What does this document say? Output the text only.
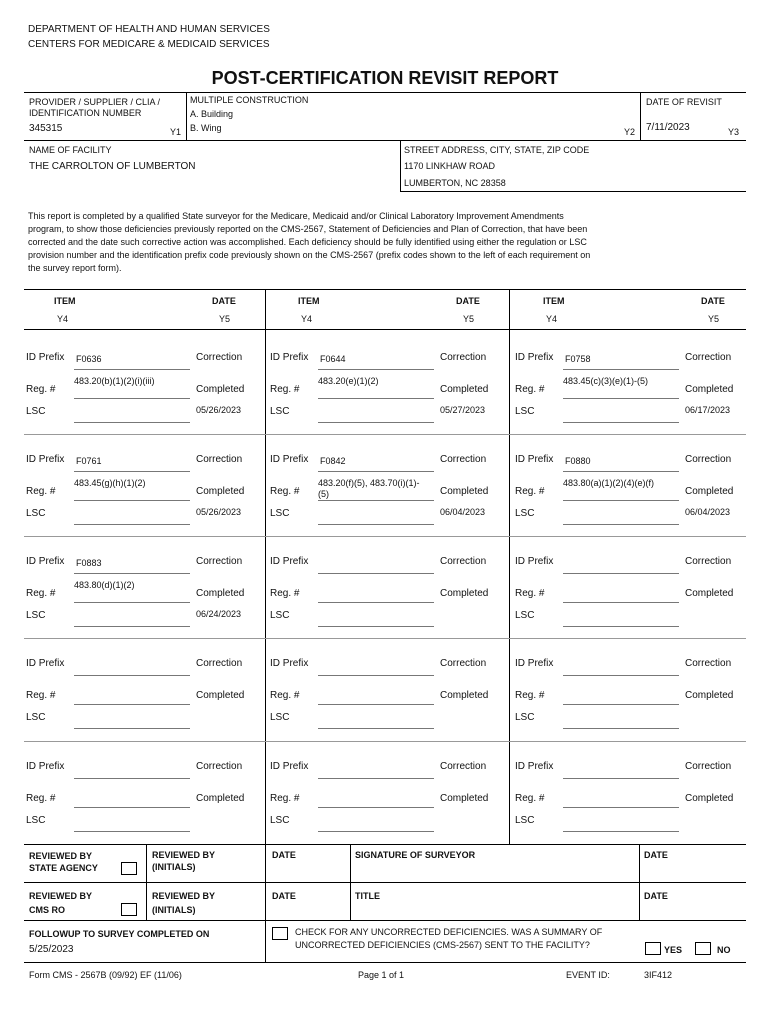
DEPARTMENT OF HEALTH AND HUMAN SERVICES
CENTERS FOR MEDICARE & MEDICAID SERVICES
POST-CERTIFICATION REVISIT REPORT
PROVIDER / SUPPLIER / CLIA /
IDENTIFICATION NUMBER
345315	Y1
MULTIPLE CONSTRUCTION
A. Building
B. Wing	Y2
DATE OF REVISIT
7/11/2023	Y3
NAME OF FACILITY
THE CARROLTON OF LUMBERTON
STREET ADDRESS, CITY, STATE, ZIP CODE
1170 LINKHAW ROAD
LUMBERTON, NC 28358
This report is completed by a qualified State surveyor for the Medicare, Medicaid and/or Clinical Laboratory Improvement Amendments
program, to show those deficiencies previously reported on the CMS-2567, Statement of Deficiencies and Plan of Correction, that have been
corrected and the date such corrective action was accomplished. Each deficiency should be fully identified using either the regulation or LSC
provision number and the identification prefix code previously shown on the CMS-2567 (prefix codes shown to the left of each requirement on
the survey report form).
ITEM	DATE
Y4	Y5
ITEM	DATE
Y4	Y5
ITEM	DATE
Y4	Y5
ID Prefix F0636	Correction
Reg. #
483.20(b)(1)(2)(i)(iii)
Completed
LSC	05/26/2023
ID Prefix F0644	Correction
Reg. #
483.20(e)(1)(2)
Completed
LSC	05/27/2023
ID Prefix F0758	Correction
Reg. #
483.45(c)(3)(e)(1)-(5)
Completed
LSC	06/17/2023
ID Prefix F0761	Correction
Reg. #
483.45(g)(h)(1)(2)
Completed
LSC	05/26/2023
ID Prefix F0842	Correction
Reg. #
483.20(f)(5), 483.70(i)(1)-(5)	Completed
LSC	06/04/2023
ID Prefix F0880	Correction
Reg. #
483.80(a)(1)(2)(4)(e)(f)
Completed
LSC	06/04/2023
ID Prefix F0883	Correction
Reg. #
483.80(d)(1)(2)
Completed
LSC	06/24/2023
ID Prefix	Correction
Reg. #	Completed
LSC
ID Prefix	Correction
Reg. #	Completed
LSC
ID Prefix	Correction
Reg. #	Completed
LSC
ID Prefix	Correction
Reg. #	Completed
LSC
ID Prefix	Correction
Reg. #	Completed
LSC
ID Prefix	Correction
Reg. #	Completed
LSC
ID Prefix	Correction
Reg. #	Completed
LSC
ID Prefix	Correction
Reg. #	Completed
LSC
REVIEWED BY
STATE AGENCY
REVIEWED BY
(INITIALS)
DATE	SIGNATURE OF SURVEYOR	DATE
REVIEWED BY
CMS RO
REVIEWED BY
(INITIALS)
DATE	TITLE	DATE
FOLLOWUP TO SURVEY COMPLETED ON
5/25/2023
CHECK FOR ANY UNCORRECTED DEFICIENCIES. WAS A SUMMARY OF
UNCORRECTED DEFICIENCIES (CMS-2567) SENT TO THE FACILITY?	YES	NO
Form CMS - 2567B (09/92) EF (11/06)	Page 1 of 1	EVENT ID:	3IF412
